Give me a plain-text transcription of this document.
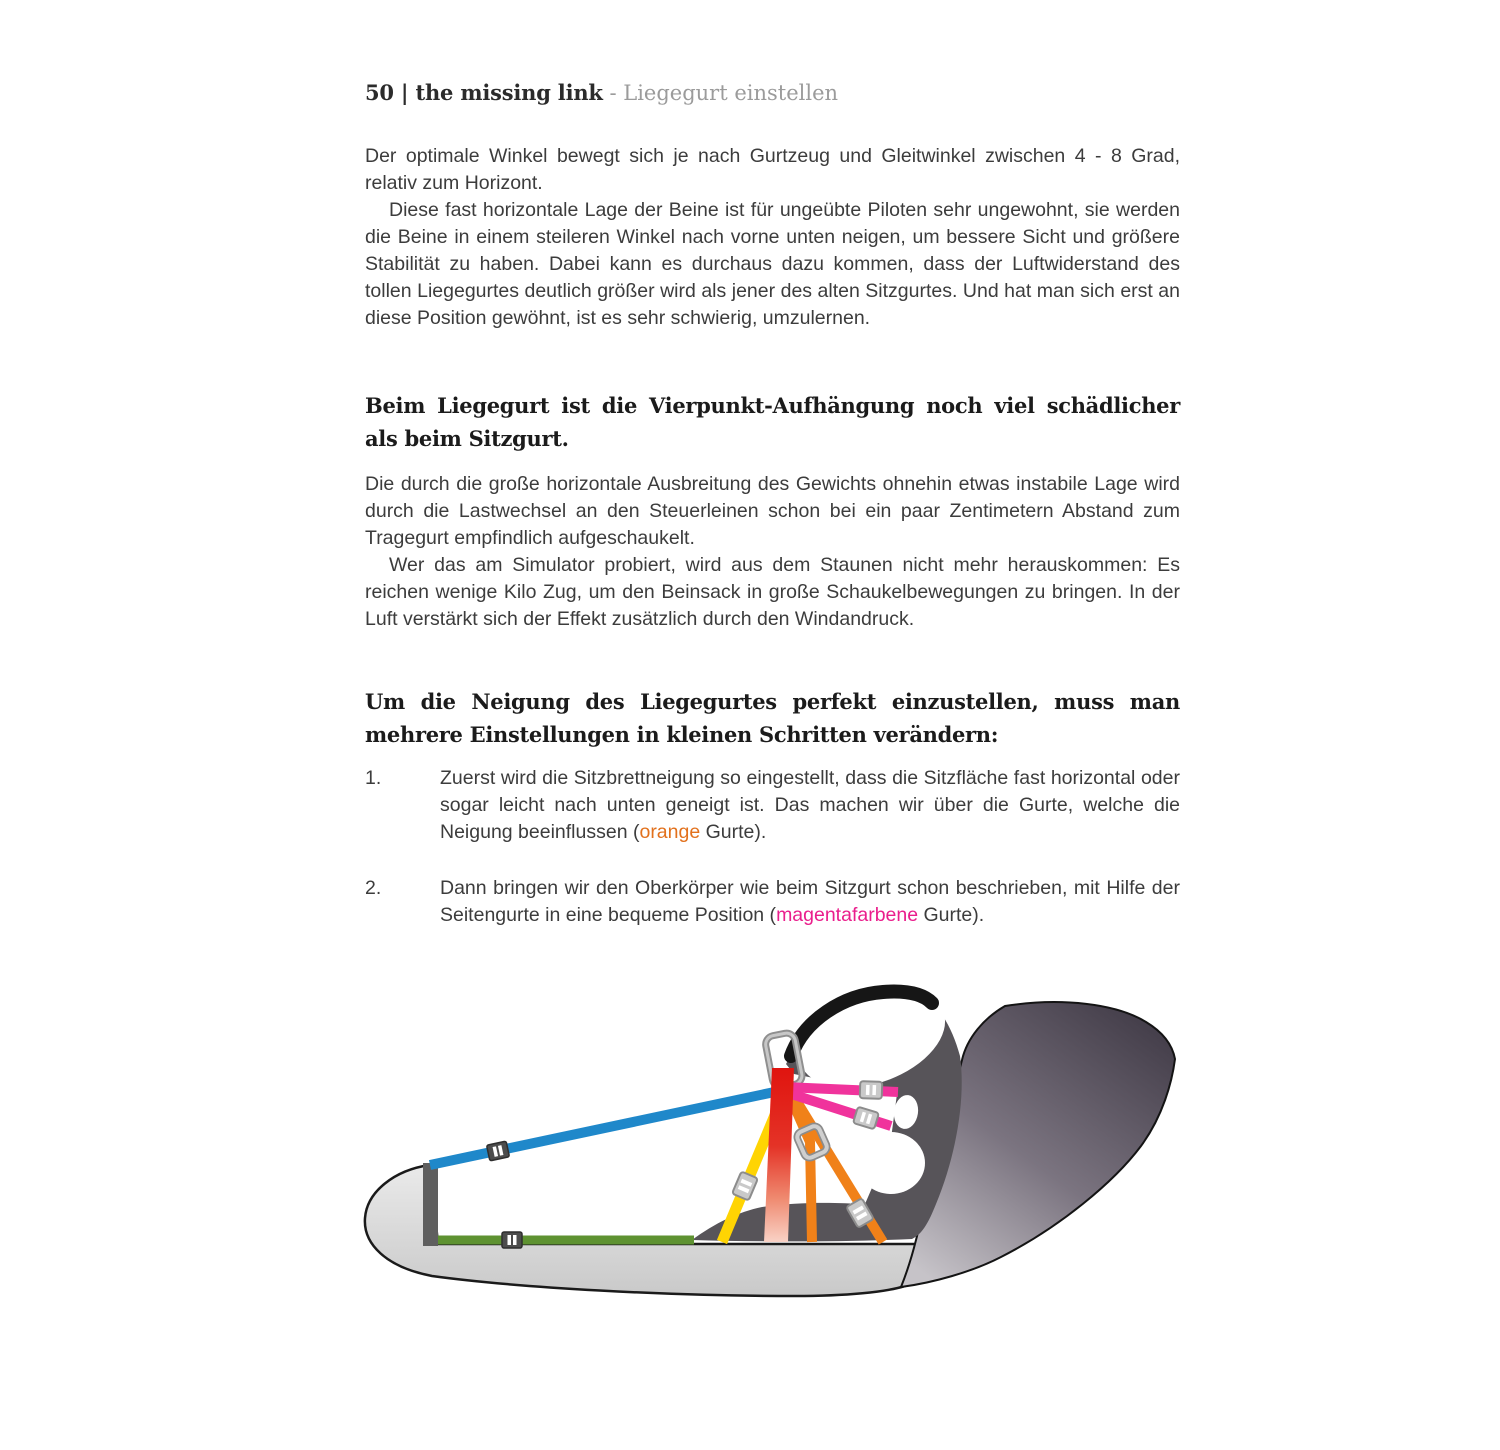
50 | the missing link - Liegegurt einstellen
Der optimale Winkel bewegt sich je nach Gurtzeug und Gleitwinkel zwischen 4 - 8 Grad, relativ zum Horizont.
Diese fast horizontale Lage der Beine ist für ungeübte Piloten sehr ungewohnt, sie werden die Beine in einem steileren Winkel nach vorne unten neigen, um bessere Sicht und größere Stabilität zu haben. Dabei kann es durchaus dazu kommen, dass der Luftwiderstand des tollen Liegegurtes deutlich größer wird als jener des alten Sitzgurtes. Und hat man sich erst an diese Position gewöhnt, ist es sehr schwierig, umzulernen.
Beim Liegegurt ist die Vierpunkt-Aufhängung noch viel schädlicher
als beim Sitzgurt.
Die durch die große horizontale Ausbreitung des Gewichts ohnehin etwas instabile Lage wird durch die Lastwechsel an den Steuerleinen schon bei ein paar Zentimetern Abstand zum Tragegurt empfindlich aufgeschaukelt.
Wer das am Simulator probiert, wird aus dem Staunen nicht mehr herauskommen: Es reichen wenige Kilo Zug, um den Beinsack in große Schaukelbewegungen zu bringen. In der Luft verstärkt sich der Effekt zusätzlich durch den Windandruck.
Um die Neigung des Liegegurtes perfekt einzustellen, muss man
mehrere Einstellungen in kleinen Schritten verändern:
1.	Zuerst wird die Sitzbrettneigung so eingestellt, dass die Sitzfläche fast horizontal oder sogar leicht nach unten geneigt ist. Das machen wir über die Gurte, welche die Neigung beeinflussen (orange Gurte).
2.	Dann bringen wir den Oberkörper wie beim Sitzgurt schon beschrieben, mit Hilfe der Seitengurte in eine bequeme Position (magentafarbene Gurte).
